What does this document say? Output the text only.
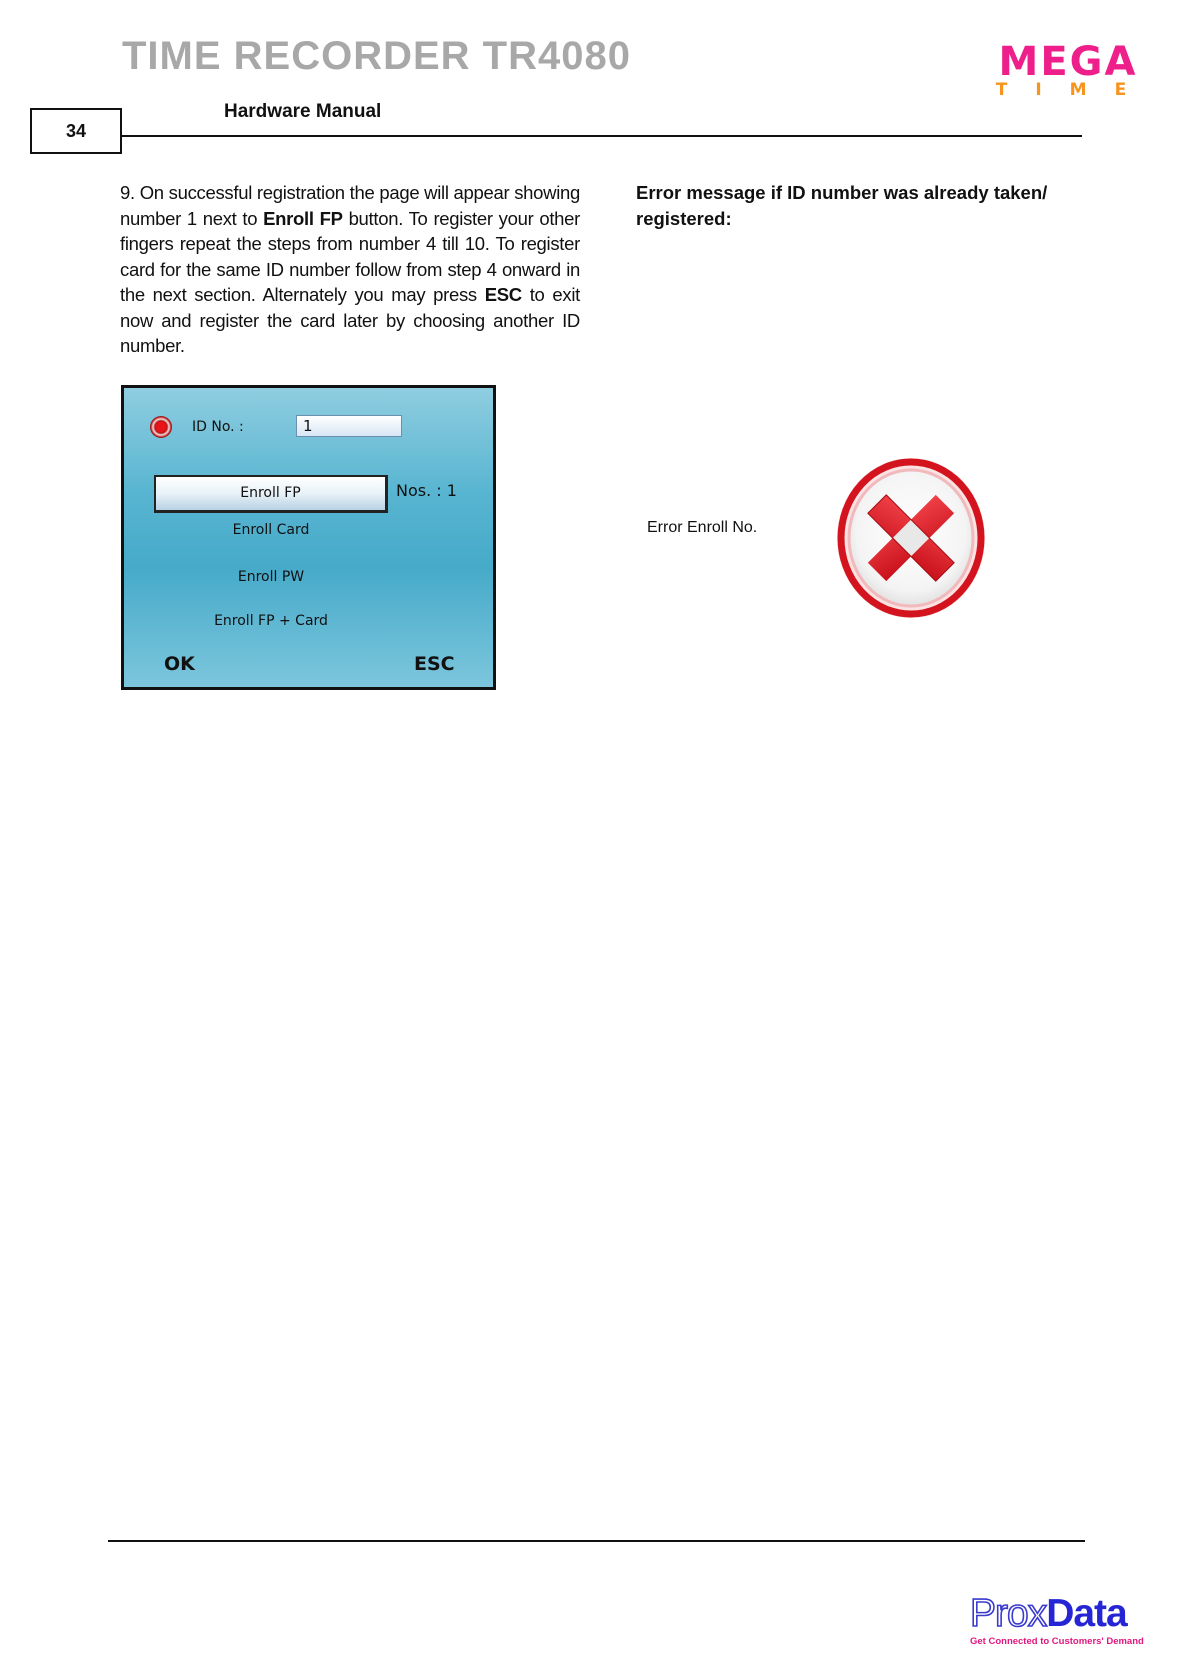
TIME RECORDER TR4080	MEGA
TIME
34
Hardware Manual
9. On successful registration the page will appear showing number 1 next to Enroll FP button. To register your other fingers repeat the steps from number 4 till 10. To register card for the same ID number follow from step 4 onward in the next section. Alternately you may press ESC to exit now and register the card later by choosing another ID number.
Error message if ID number was already taken/ registered:
ID No. :	1
Enroll FP	Nos. : 1
Enroll Card
Enroll PW
Enroll FP + Card
OK	ESC
Error Enroll No.
ProxData
Get Connected to Customers' Demand
